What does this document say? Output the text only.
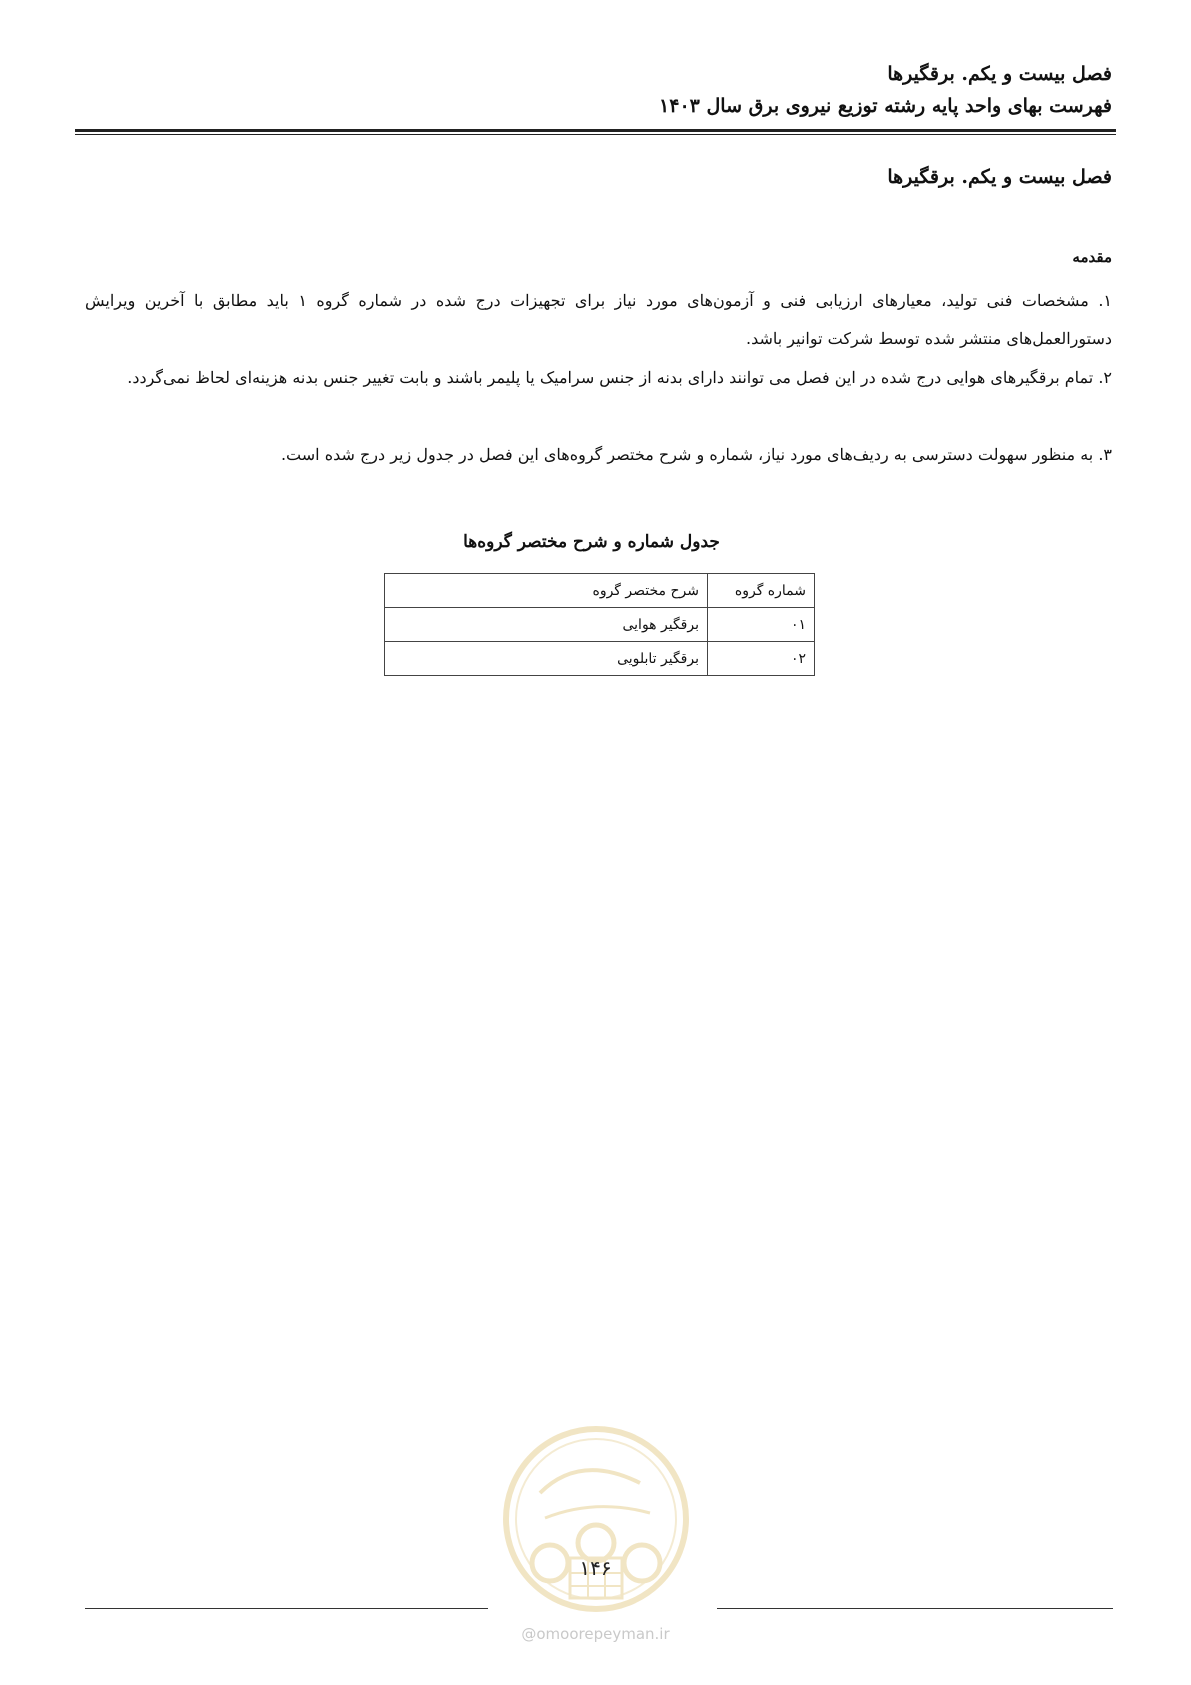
فصل بیست و یکم. برقگیرها
فهرست بهای واحد پایه رشته توزیع نیروی برق سال ۱۴۰۳
فصل بیست و یکم. برقگیرها
مقدمه
۱. مشخصات فنی تولید، معیارهای ارزیابی فنی و آزمون‌های مورد نیاز برای تجهیزات درج شده در شماره گروه ۱ باید مطابق با آخرین ویرایش دستورالعمل‌های منتشر شده توسط شرکت توانیر باشد.
۲. تمام برقگیرهای هوایی درج شده در این فصل می توانند دارای بدنه از جنس سرامیک یا پلیمر باشند و بابت تغییر جنس بدنه هزینه‌ای لحاظ نمی‌گردد.
۳. به منظور سهولت دسترسی به ردیف‌های مورد نیاز، شماره و شرح مختصر گروه‌های این فصل در جدول زیر درج شده است.
جدول شماره و شرح مختصر گروه‌ها
شماره گروه	شرح مختصر گروه
۰۱	برقگیر هوایی
۰۲	برقگیر تابلویی
۱۴۶
@omoorepeyman.ir
